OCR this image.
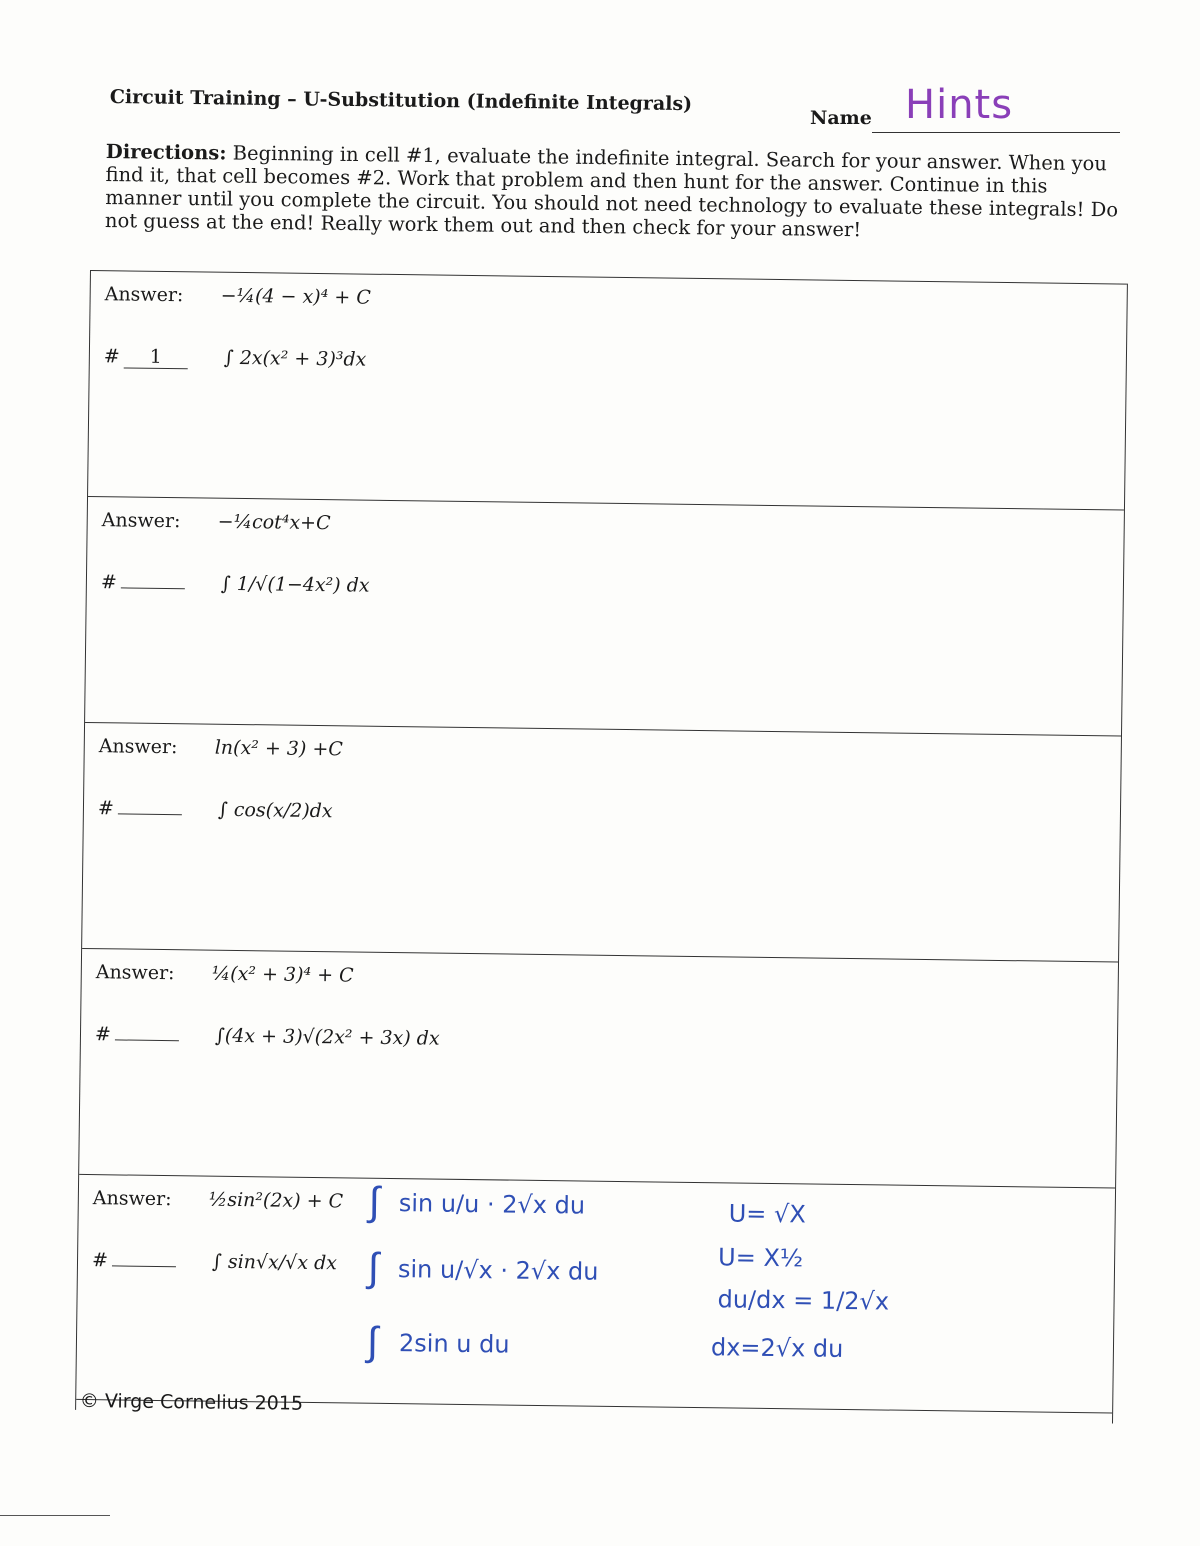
Circuit Training – U-Substitution (Indefinite Integrals)
Name Hints
Directions: Beginning in cell #1, evaluate the indefinite integral. Search for your answer. When you find it, that cell becomes #2. Work that problem and then hunt for the answer. Continue in this manner until you complete the circuit. You should not need technology to evaluate these integrals! Do not guess at the end! Really work them out and then check for your answer!
Answer: −¼(4 − x)⁴ + C
# 1	∫ 2x(x² + 3)³dx
Answer: −¼cot⁴x+C
#	∫ 1/√(1−4x²) dx
Answer: ln(x² + 3) +C
#	∫ cos(x/2)dx
Answer: ¼(x² + 3)⁴ + C
#	∫(4x + 3)√(2x² + 3x) dx
Answer: ½sin²(2x) + C
#	∫ sin√x/√x dx
∫ sin u/u · 2√x du
∫ sin u/√x · 2√x du
∫ 2sin u du
U= √X
U= X½
du/dx = 1/2√x
dx=2√x du
© Virge Cornelius 2015
